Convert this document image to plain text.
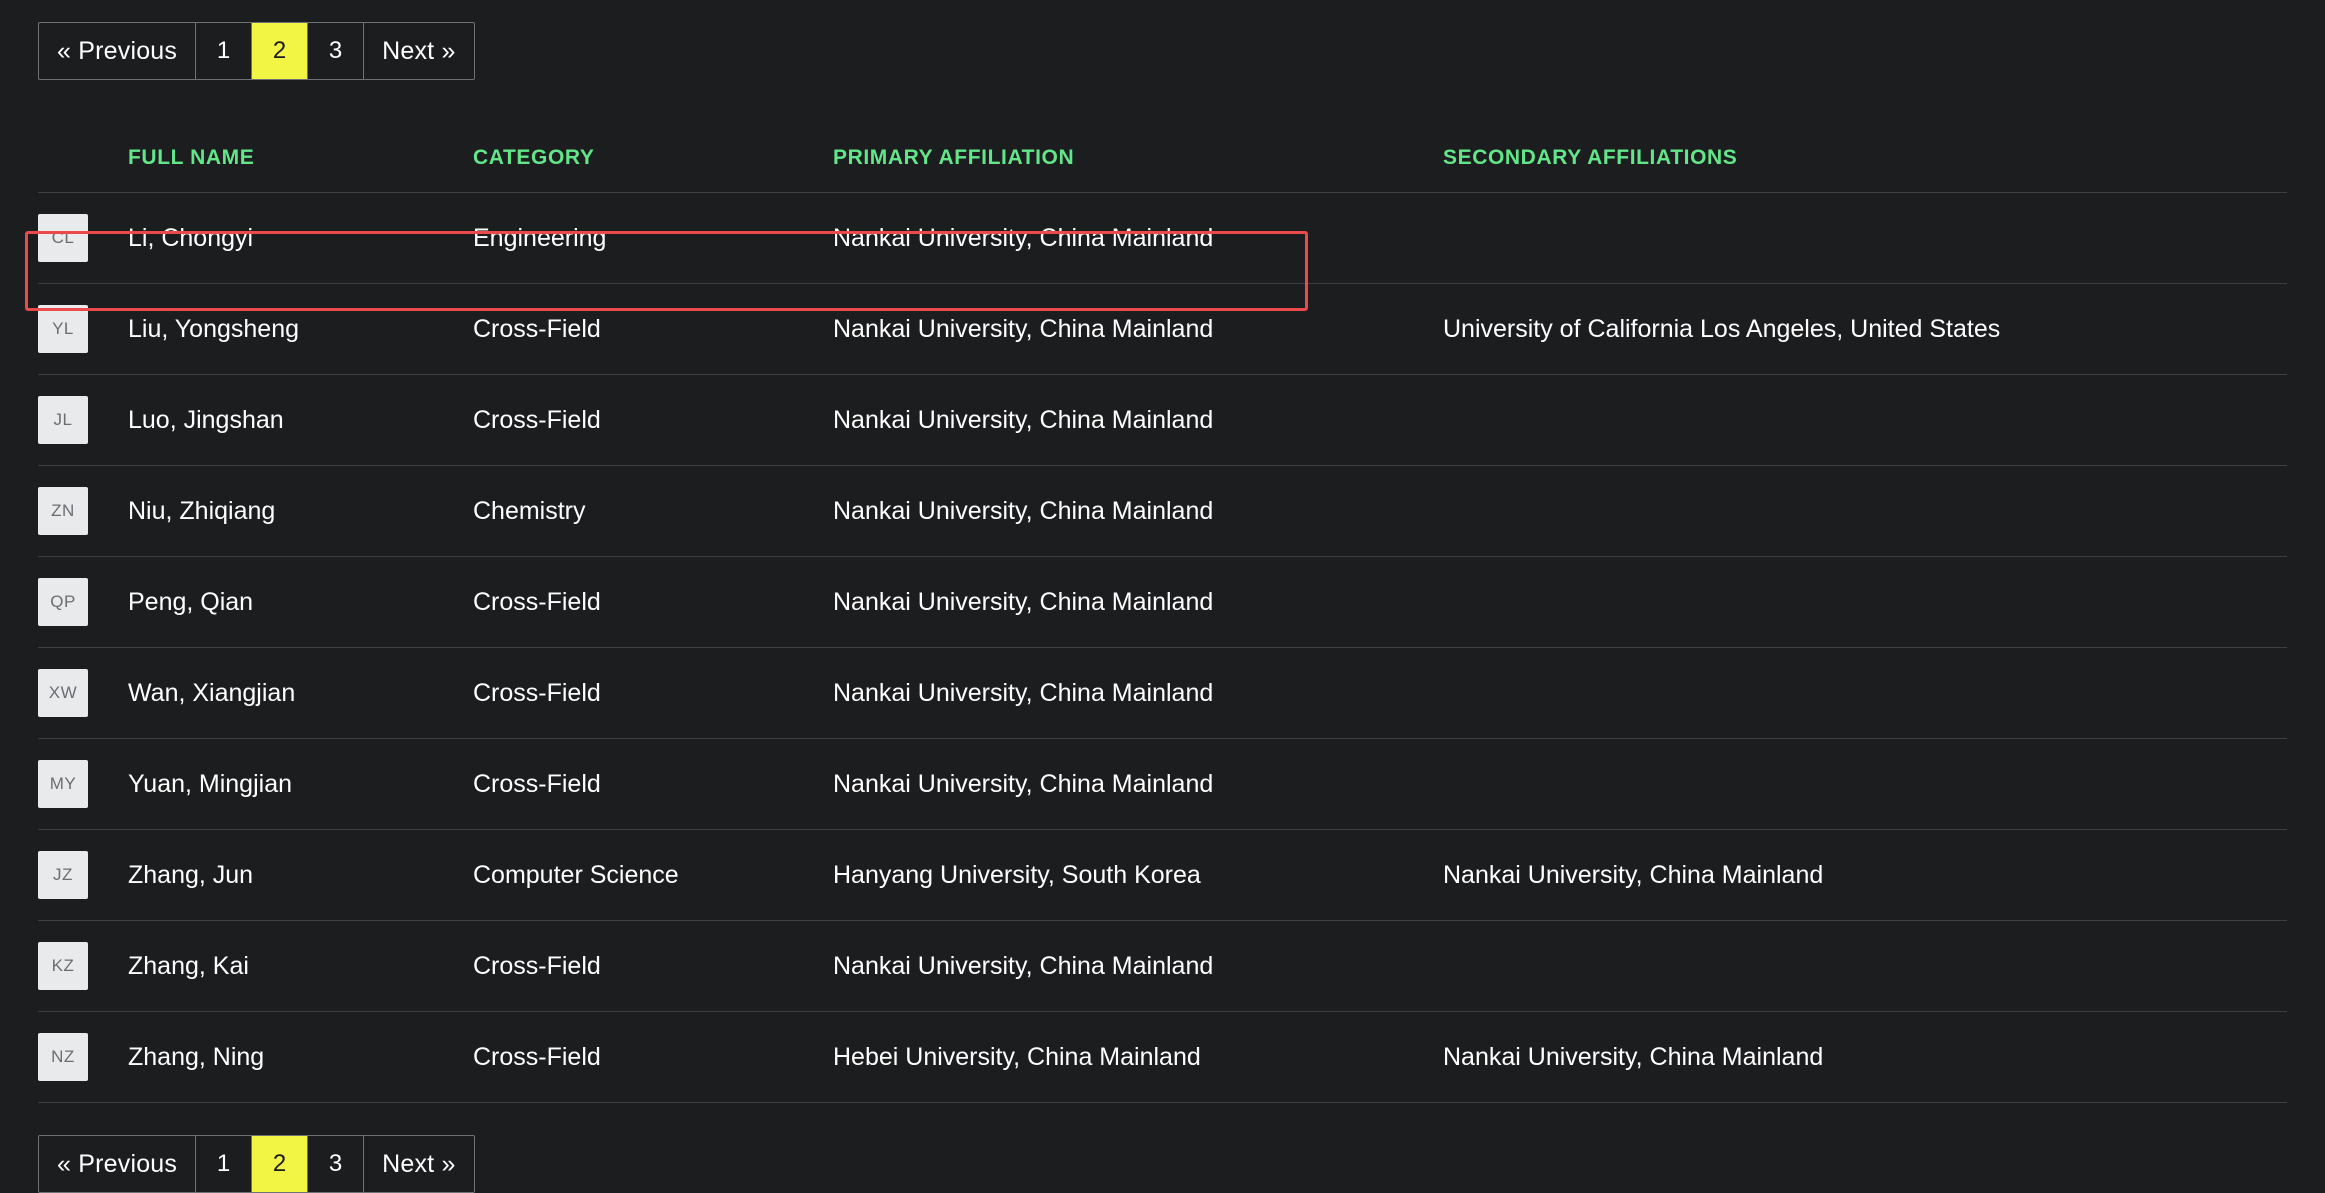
« Previous	1	2	3	Next »
	FULL NAME	CATEGORY	PRIMARY AFFILIATION	SECONDARY AFFILIATIONS

CL	Li, Chongyi	Engineering	Nankai University, China Mainland	

YL	Liu, Yongsheng	Cross-Field	Nankai University, China Mainland	University of California Los Angeles, United States

JL	Luo, Jingshan	Cross-Field	Nankai University, China Mainland	

ZN	Niu, Zhiqiang	Chemistry	Nankai University, China Mainland	

QP	Peng, Qian	Cross-Field	Nankai University, China Mainland	

XW	Wan, Xiangjian	Cross-Field	Nankai University, China Mainland	

MY	Yuan, Mingjian	Cross-Field	Nankai University, China Mainland	

JZ	Zhang, Jun	Computer Science	Hanyang University, South Korea	Nankai University, China Mainland

KZ	Zhang, Kai	Cross-Field	Nankai University, China Mainland	

NZ	Zhang, Ning	Cross-Field	Hebei University, China Mainland	Nankai University, China Mainland
« Previous	1	2	3	Next »
